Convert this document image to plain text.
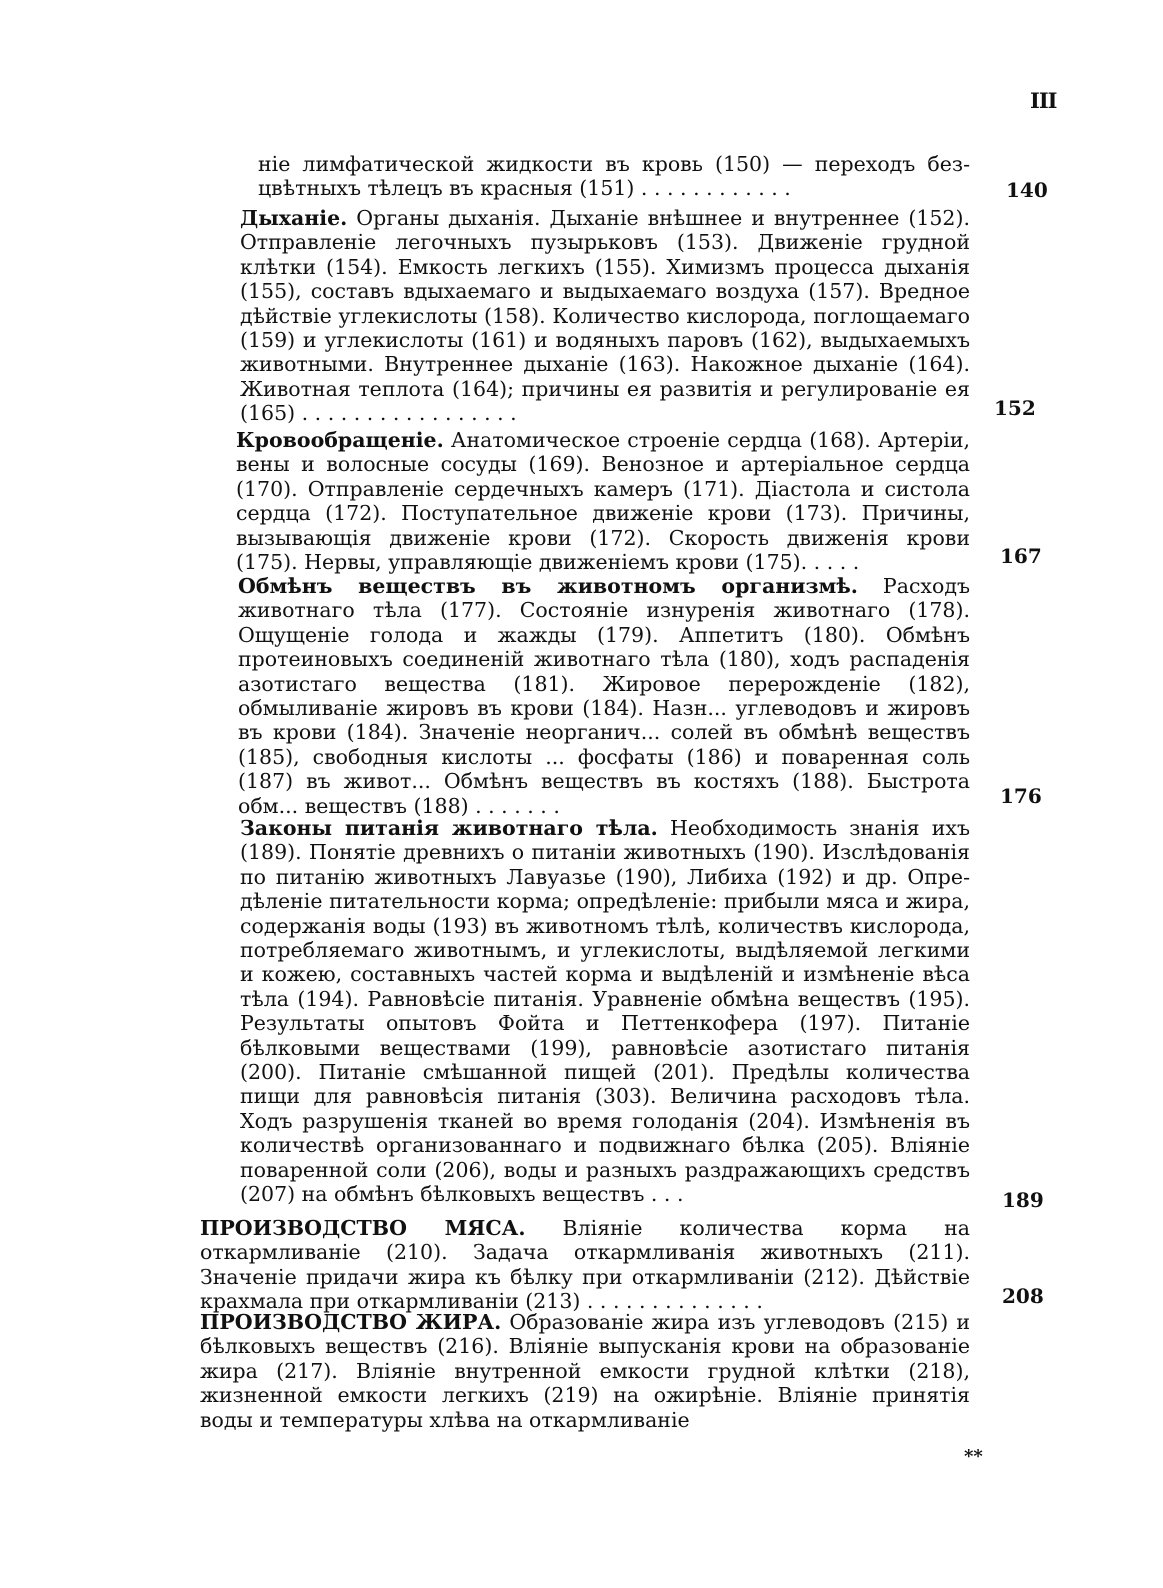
III
ніе лимфатической жидкости въ кровь (150) — переходъ безцвѣтныхъ тѣлецъ въ красныя (151) . . . . . . . . . . . .	140
Дыханіе. Органы дыханія. Дыханіе внѣшнее и внутреннее (152). Отправленіе легочныхъ пузырьковъ (153). Движеніе грудной клѣтки (154). Емкость легкихъ (155). Химизмъ процесса дыханія (155), составъ вдыхаемаго и выдыхаемаго воздуха (157). Вредное дѣйствіе углекислоты (158). Количество кислорода, поглощаемаго (159) и углекислоты (161) и водяныхъ паровъ (162), выдыхаемыхъ животными. Внутреннее дыханіе (163). Накожное дыханіе (164). Животная теплота (164); причины ея развитія и регулированіе ея (165) . . . . . . . . . . . . . . . . .	152
Кровообращеніе. Анатомическое строеніе сердца (168). Артеріи, вены и волосные сосуды (169). Венозное и артеріальное сердца (170). Отправленіе сердечныхъ камеръ (171). Діастола и систола сердца (172). Поступательное движеніе крови (173). Причины, вызывающія движеніе крови (172). Скорость движенія крови (175). Нервы, управляющіе движеніемъ крови (175). . . . .	167
Обмѣнъ веществъ въ животномъ организмѣ. Расходъ животнаго тѣла (177). Состояніе изнуренія животнаго (178). Ощущеніе голода и жажды (179). Аппетитъ (180). Обмѣнъ протеиновыхъ соединеній животнаго тѣла (180), ходъ распаденія азотистаго вещества (181). Жировое перерожденіе (182), обмыливаніе жировъ въ крови (184). Назн... углеводовъ и жировъ въ крови (184). Значеніе неорганич... солей въ обмѣнѣ веществъ (185), свободныя кислоты ... фосфаты (186) и поваренная соль (187) въ живот... Обмѣнъ веществъ въ костяхъ (188). Быстрота обм... веществъ (188) . . . . . . .	176
Законы питанія животнаго тѣла. Необходимость знанія ихъ (189). Понятіе древнихъ о питаніи животныхъ (190). Изслѣдованія по питанію животныхъ Лавуазье (190), Либиха (192) и др. Опредѣленіе питательности корма; опредѣленіе: прибыли мяса и жира, содержанія воды (193) въ животномъ тѣлѣ, количествъ кислорода, потребляемаго животнымъ, и углекислоты, выдѣляемой легкими и кожею, составныхъ частей корма и выдѣленій и измѣненіе вѣса тѣла (194). Равновѣсіе питанія. Уравненіе обмѣна веществъ (195). Результаты опытовъ Фойта и Петтенкофера (197). Питаніе бѣлковыми веществами (199), равновѣсіе азотистаго питанія (200). Питаніе смѣшанной пищей (201). Предѣлы количества пищи для равновѣсія питанія (303). Величина расходовъ тѣла. Ходъ разрушенія тканей во время голоданія (204). Измѣненія въ количествѣ организованнаго и подвижнаго бѣлка (205). Вліяніе поваренной соли (206), воды и разныхъ раздражающихъ средствъ (207) на обмѣнъ бѣлковыхъ веществъ . . .	189
ПРОИЗВОДСТВО МЯСА. Вліяніе количества корма на откармливаніе (210). Задача откармливанія животныхъ (211). Значеніе придачи жира къ бѣлку при откармливаніи (212). Дѣйствіе крахмала при откармливаніи (213) . . . . . . . . . . . . . .	208
ПРОИЗВОДСТВО ЖИРА. Образованіе жира изъ углеводовъ (215) и бѣлковыхъ веществъ (216). Вліяніе выпусканія крови на образованіе жира (217). Вліяніе внутренной емкости грудной клѣтки (218), жизненной емкости легкихъ (219) на ожирѣніе. Вліяніе принятія воды и температуры хлѣва на откармливаніе
**
